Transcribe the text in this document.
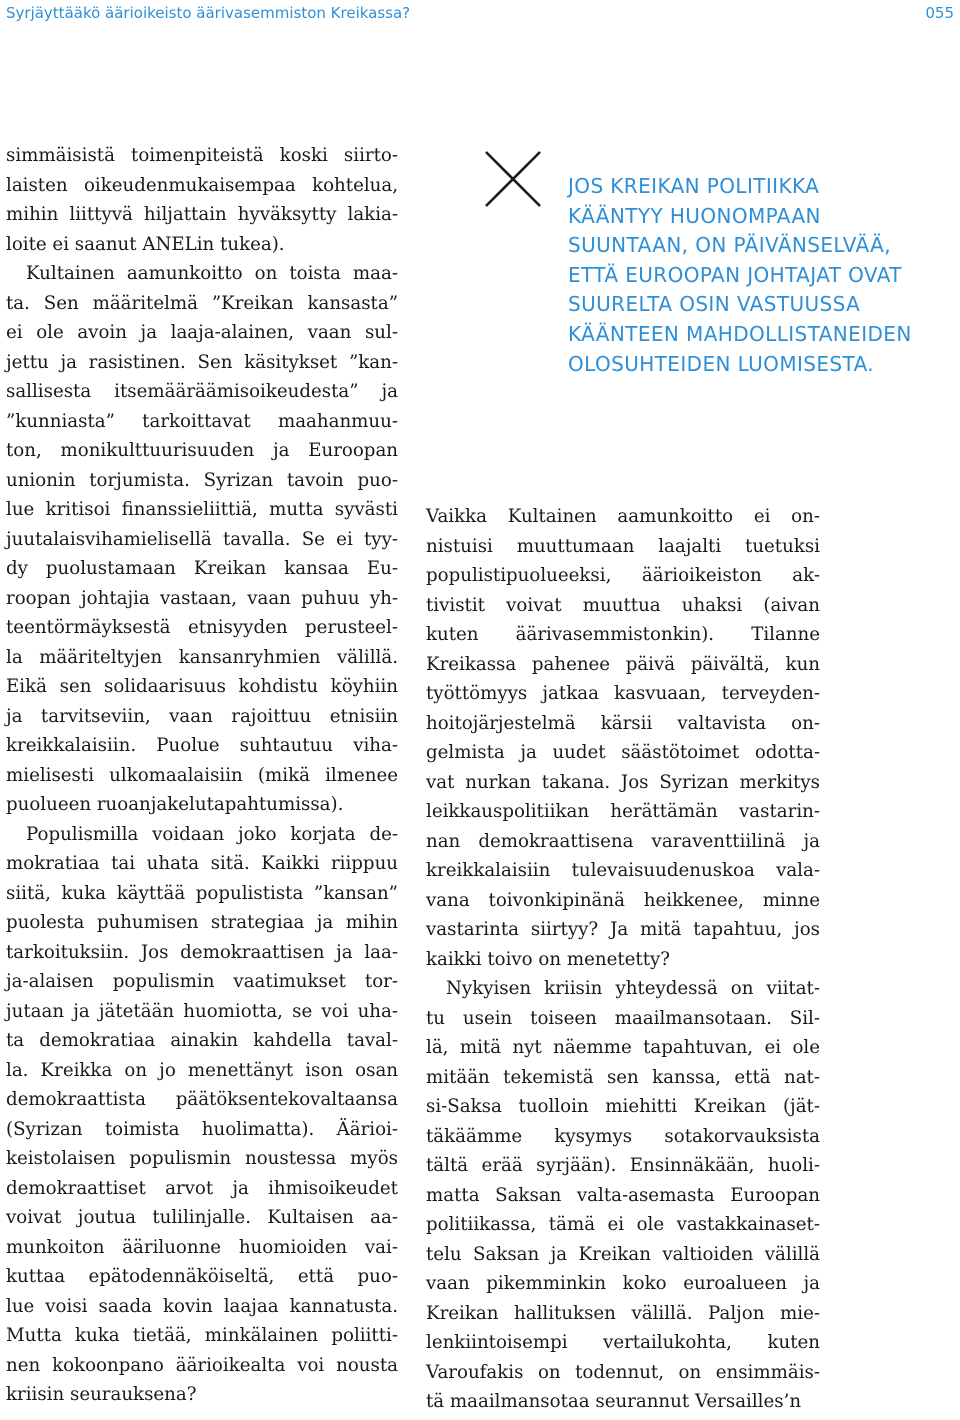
Syrjäyttääkö äärioikeisto äärivasemmiston Kreikassa?	055

simmäisistä toimenpiteistä koski siirto-
laisten oikeudenmukaisempaa kohtelua,
mihin liittyvä hiljattain hyväksytty lakia-
loite ei saanut ANELin tukea).

Kultainen aamunkoitto on toista maa-
ta. Sen määritelmä ”Kreikan kansasta”
ei ole avoin ja laaja-alainen, vaan sul-
jettu ja rasistinen. Sen käsitykset ”kan-
sallisesta itsemääräämisoikeudesta” ja
”kunniasta” tarkoittavat maahanmuu-
ton, monikulttuurisuuden ja Euroopan
unionin torjumista. Syrizan tavoin puo-
lue kritisoi finanssieliittiä, mutta syvästi
juutalaisvihamielisellä tavalla. Se ei tyy-
dy puolustamaan Kreikan kansaa Eu-
roopan johtajia vastaan, vaan puhuu yh-
teentörmäyksestä etnisyyden perusteel-
la määriteltyjen kansanryhmien välillä.
Eikä sen solidaarisuus kohdistu köyhiin
ja tarvitseviin, vaan rajoittuu etnisiin
kreikkalaisiin. Puolue suhtautuu viha-
mielisesti ulkomaalaisiin (mikä ilmenee
puolueen ruoanjakelutapahtumissa).

Populismilla voidaan joko korjata de-
mokratiaa tai uhata sitä. Kaikki riippuu
siitä, kuka käyttää populistista ”kansan”
puolesta puhumisen strategiaa ja mihin
tarkoituksiin. Jos demokraattisen ja laa-
ja-alaisen populismin vaatimukset tor-
jutaan ja jätetään huomiotta, se voi uha-
ta demokratiaa ainakin kahdella taval-
la. Kreikka on jo menettänyt ison osan
demokraattista päätöksentekovaltaansa
(Syrizan toimista huolimatta). Äärioi-
keistolaisen populismin noustessa myös
demokraattiset arvot ja ihmisoikeudet
voivat joutua tulilinjalle. Kultaisen aa-
munkoiton ääriluonne huomioiden vai-
kuttaa epätodennäköiseltä, että puo-
lue voisi saada kovin laajaa kannatusta.
Mutta kuka tietää, minkälainen poliitti-
nen kokoonpano äärioikealta voi nousta
kriisin seurauksena?

JOS KREIKAN POLITIIKKA
KÄÄNTYY HUONOMPAAN
SUUNTAAN, ON PÄIVÄNSELVÄÄ,
ETTÄ EUROOPAN JOHTAJAT OVAT
SUURELTA OSIN VASTUUSSA
KÄÄNTEEN MAHDOLLISTANEIDEN
OLOSUHTEIDEN LUOMISESTA.

Vaikka Kultainen aamunkoitto ei on-
nistuisi muuttumaan laajalti tuetuksi
populistipuolueeksi, äärioikeiston ak-
tivistit voivat muuttua uhaksi (aivan
kuten äärivasemmistonkin). Tilanne
Kreikassa pahenee päivä päivältä, kun
työttömyys jatkaa kasvuaan, terveyden-
hoitojärjestelmä kärsii valtavista on-
gelmista ja uudet säästötoimet odotta-
vat nurkan takana. Jos Syrizan merkitys
leikkauspolitiikan herättämän vastarin-
nan demokraattisena varaventtiilinä ja
kreikkalaisiin tulevaisuudenuskoa vala-
vana toivonkipinänä heikkenee, minne
vastarinta siirtyy? Ja mitä tapahtuu, jos
kaikki toivo on menetetty?

Nykyisen kriisin yhteydessä on viitat-
tu usein toiseen maailmansotaan. Sil-
lä, mitä nyt näemme tapahtuvan, ei ole
mitään tekemistä sen kanssa, että nat-
si-Saksa tuolloin miehitti Kreikan (jät-
täkäämme kysymys sotakorvauksista
tältä erää syrjään). Ensinnäkään, huoli-
matta Saksan valta-asemasta Euroopan
politiikassa, tämä ei ole vastakkainaset-
telu Saksan ja Kreikan valtioiden välillä
vaan pikemminkin koko euroalueen ja
Kreikan hallituksen välillä. Paljon mie-
lenkiintoisempi vertailukohta, kuten
Varoufakis on todennut, on ensimmäis-
tä maailmansotaa seurannut Versailles’n
